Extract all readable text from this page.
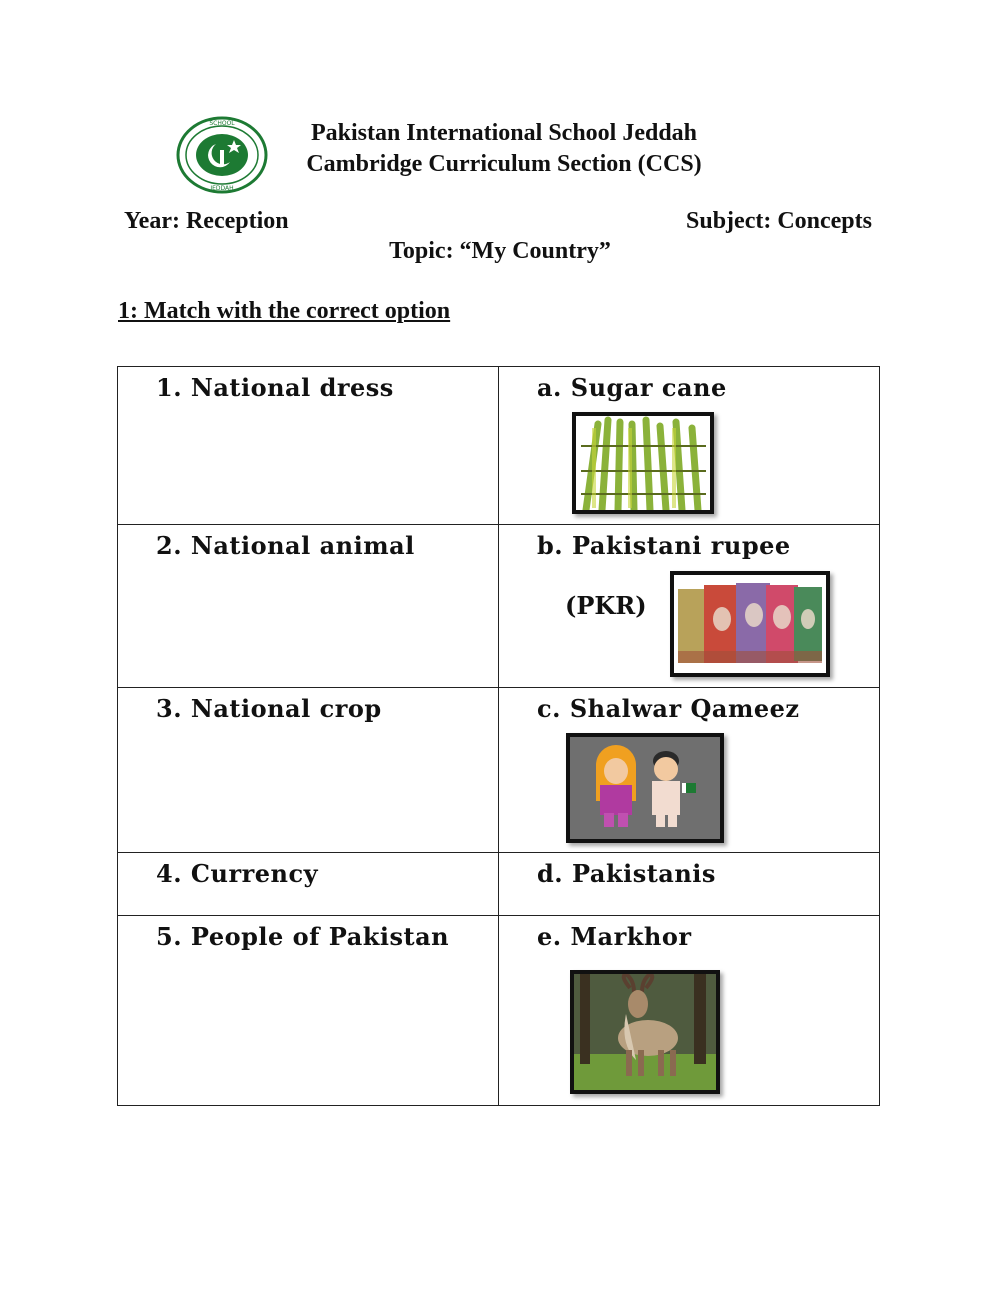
SCHOOL
JEDDAH
Pakistan International School Jeddah
Cambridge Curriculum Section (CCS)
Year: Reception	Subject: Concepts
Topic: “My Country”
1: Match with the correct option
1. National dress	a. Sugar cane

2. National animal	b. Pakistani rupee
(PKR)

3. National crop	c. Shalwar Qameez

4. Currency	d. Pakistanis

5. People of Pakistan	e. Markhor
